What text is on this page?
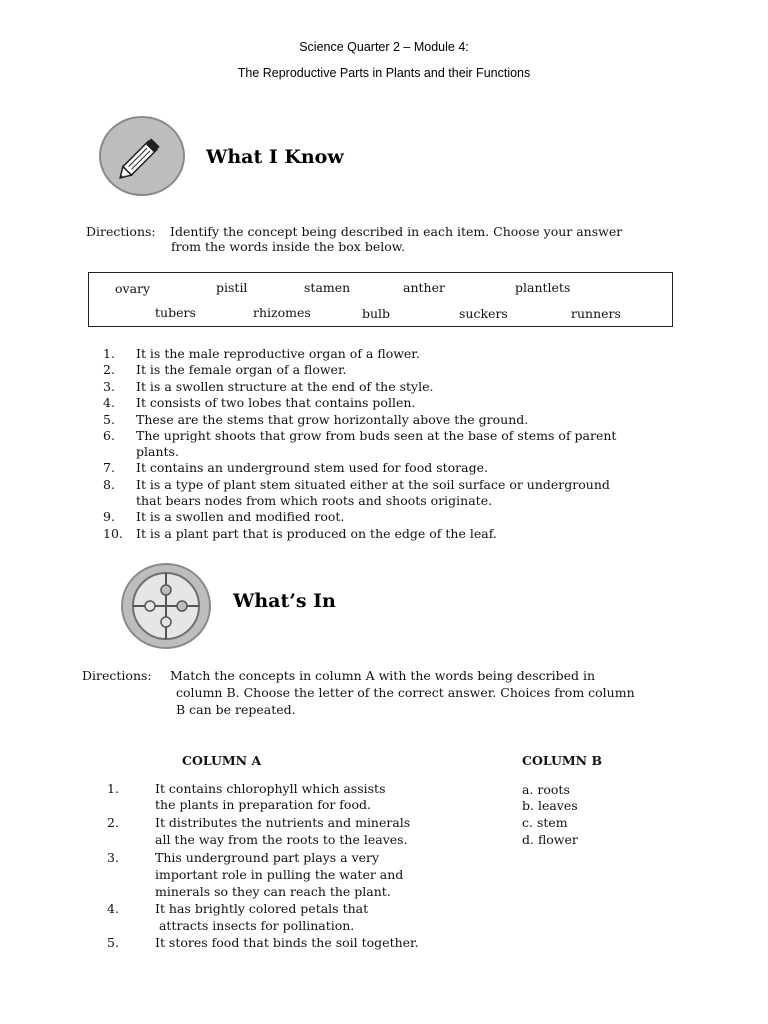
Science Quarter 2 – Module 4:
The Reproductive Parts in Plants and their Functions
What I Know
Directions: Identify the concept being described in each item. Choose your answer
from the words inside the box below.
ovary	pistil	stamen	anther	plantlets
tubers	rhizomes	bulb	suckers	runners
1.	It is the male reproductive organ of a flower.
2.	It is the female organ of a flower.
3.	It is a swollen structure at the end of the style.
4.	It consists of two lobes that contains pollen.
5.	These are the stems that grow horizontally above the ground.
6.	The upright shoots that grow from buds seen at the base of stems of parent
plants.
7.	It contains an underground stem used for food storage.
8.	It is a type of plant stem situated either at the soil surface or underground
that bears nodes from which roots and shoots originate.
9.	It is a swollen and modified root.
10.	It is a plant part that is produced on the edge of the leaf.
What’s In
Directions: Match the concepts in column A with the words being described in
column B. Choose the letter of the correct answer. Choices from column
B can be repeated.
COLUMN A	COLUMN B
1.	It contains chlorophyll which assists
the plants in preparation for food.
2.	It distributes the nutrients and minerals
all the way from the roots to the leaves.
3.	This underground part plays a very
important role in pulling the water and
minerals so they can reach the plant.
4.	It has brightly colored petals that
attracts insects for pollination.
5.	It stores food that binds the soil together.
a. roots
b. leaves
c. stem
d. flower
